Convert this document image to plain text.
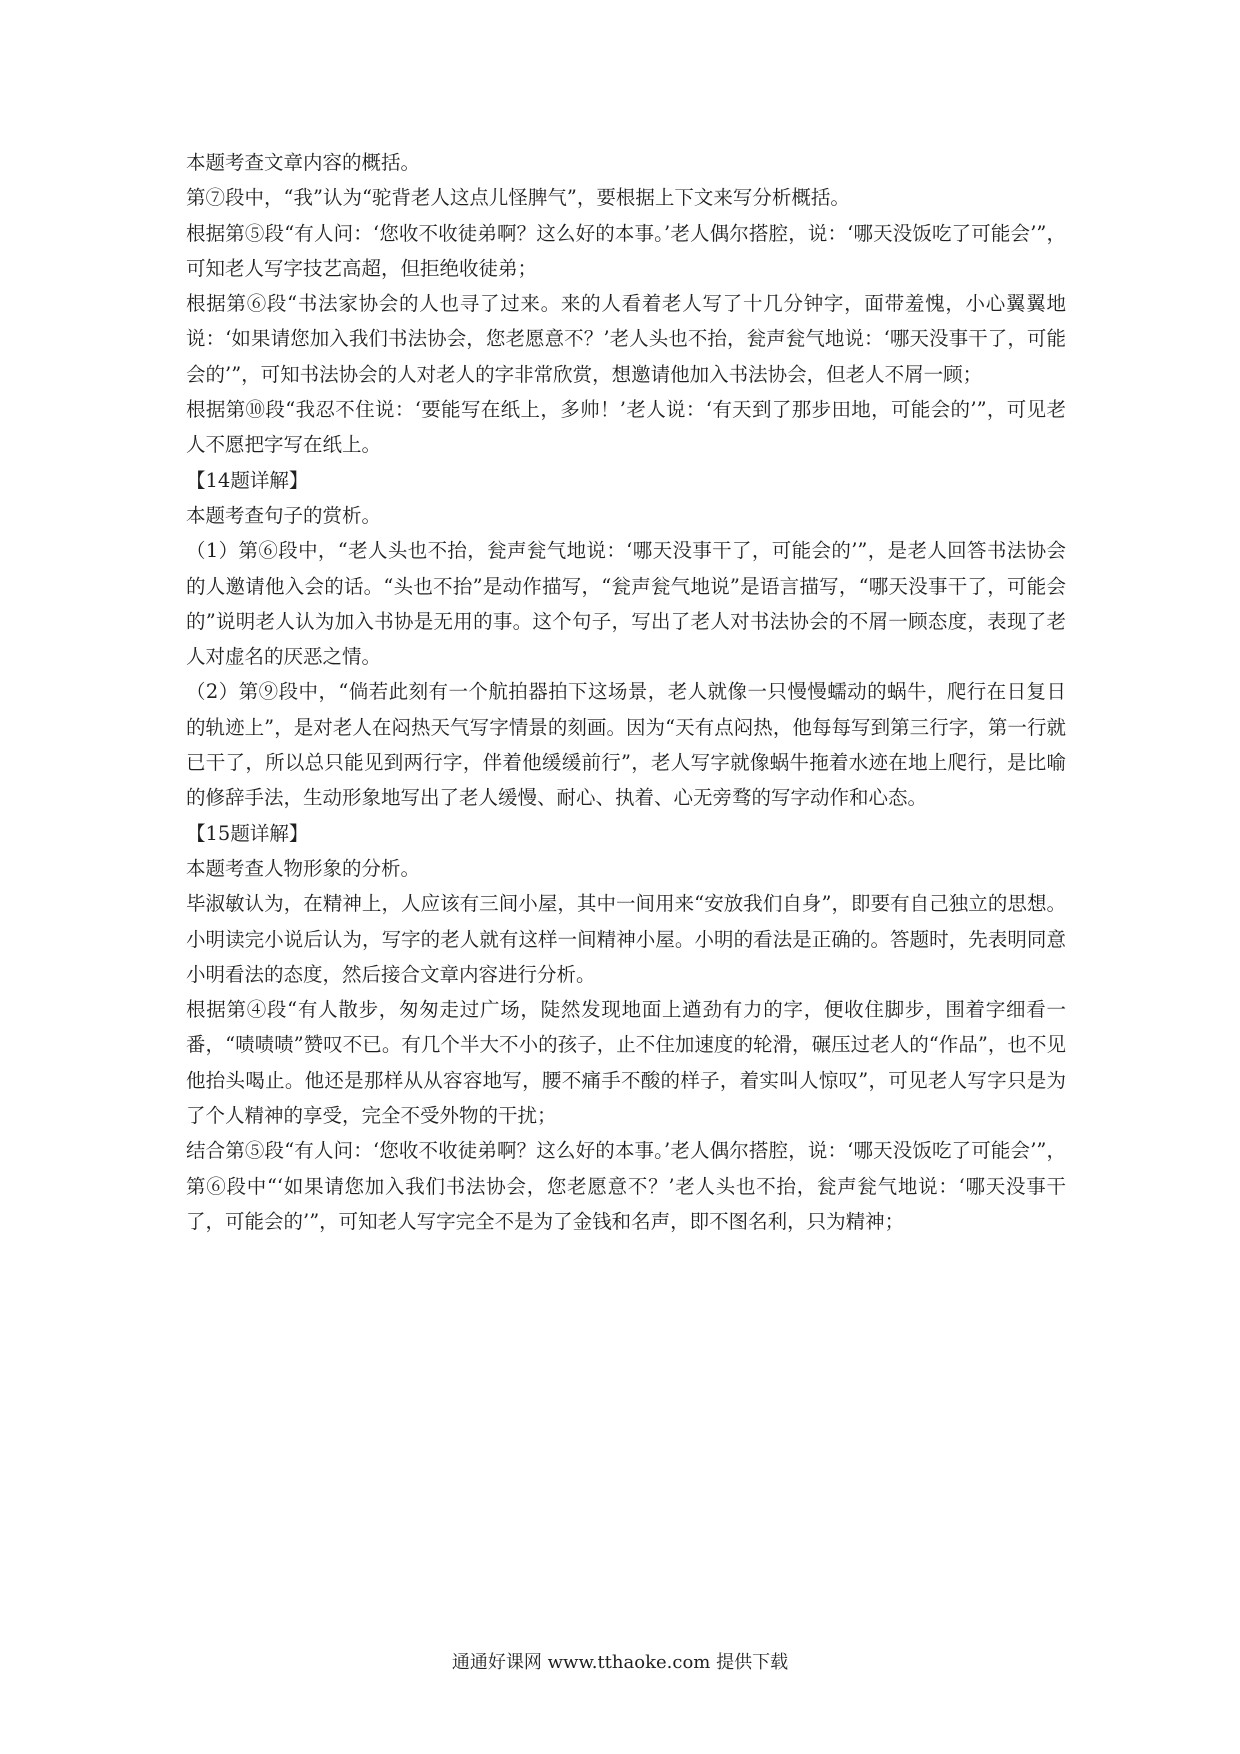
本题考查文章内容的概括。

第⑦段中，“我”认为“驼背老人这点儿怪脾气”，要根据上下文来写分析概括。

根据第⑤段“有人问：‘您收不收徒弟啊？这么好的本事。’老人偶尔搭腔，说：‘哪天没饭吃了可能会’”，可知老人写字技艺高超，但拒绝收徒弟；

根据第⑥段“书法家协会的人也寻了过来。来的人看着老人写了十几分钟字，面带羞愧，小心翼翼地说：‘如果请您加入我们书法协会，您老愿意不？’老人头也不抬，瓮声瓮气地说：‘哪天没事干了，可能会的’”，可知书法协会的人对老人的字非常欣赏，想邀请他加入书法协会，但老人不屑一顾；

根据第⑩段“我忍不住说：‘要能写在纸上，多帅！’老人说：‘有天到了那步田地，可能会的’”，可见老人不愿把字写在纸上。

【14题详解】

本题考查句子的赏析。

（1）第⑥段中，“老人头也不抬，瓮声瓮气地说：‘哪天没事干了，可能会的’”，是老人回答书法协会的人邀请他入会的话。“头也不抬”是动作描写，“瓮声瓮气地说”是语言描写，“哪天没事干了，可能会的”说明老人认为加入书协是无用的事。这个句子，写出了老人对书法协会的不屑一顾态度，表现了老人对虚名的厌恶之情。

（2）第⑨段中，“倘若此刻有一个航拍器拍下这场景，老人就像一只慢慢蠕动的蜗牛，爬行在日复日的轨迹上”，是对老人在闷热天气写字情景的刻画。因为“天有点闷热，他每每写到第三行字，第一行就已干了，所以总只能见到两行字，伴着他缓缓前行”，老人写字就像蜗牛拖着水迹在地上爬行，是比喻的修辞手法，生动形象地写出了老人缓慢、耐心、执着、心无旁骛的写字动作和心态。

【15题详解】

本题考查人物形象的分析。

毕淑敏认为，在精神上，人应该有三间小屋，其中一间用来“安放我们自身”，即要有自己独立的思想。小明读完小说后认为，写字的老人就有这样一间精神小屋。小明的看法是正确的。答题时，先表明同意小明看法的态度，然后接合文章内容进行分析。

根据第④段“有人散步，匆匆走过广场，陡然发现地面上遒劲有力的字，便收住脚步，围着字细看一番，“啧啧啧”赞叹不已。有几个半大不小的孩子，止不住加速度的轮滑，碾压过老人的“作品”，也不见他抬头喝止。他还是那样从从容容地写，腰不痛手不酸的样子，着实叫人惊叹”，可见老人写字只是为了个人精神的享受，完全不受外物的干扰；

结合第⑤段“有人问：‘您收不收徒弟啊？这么好的本事。’老人偶尔搭腔，说：‘哪天没饭吃了可能会’”，第⑥段中“‘如果请您加入我们书法协会，您老愿意不？’老人头也不抬，瓮声瓮气地说：‘哪天没事干了，可能会的’”，可知老人写字完全不是为了金钱和名声，即不图名利，只为精神；

通通好课网 www.tthaoke.com 提供下载
